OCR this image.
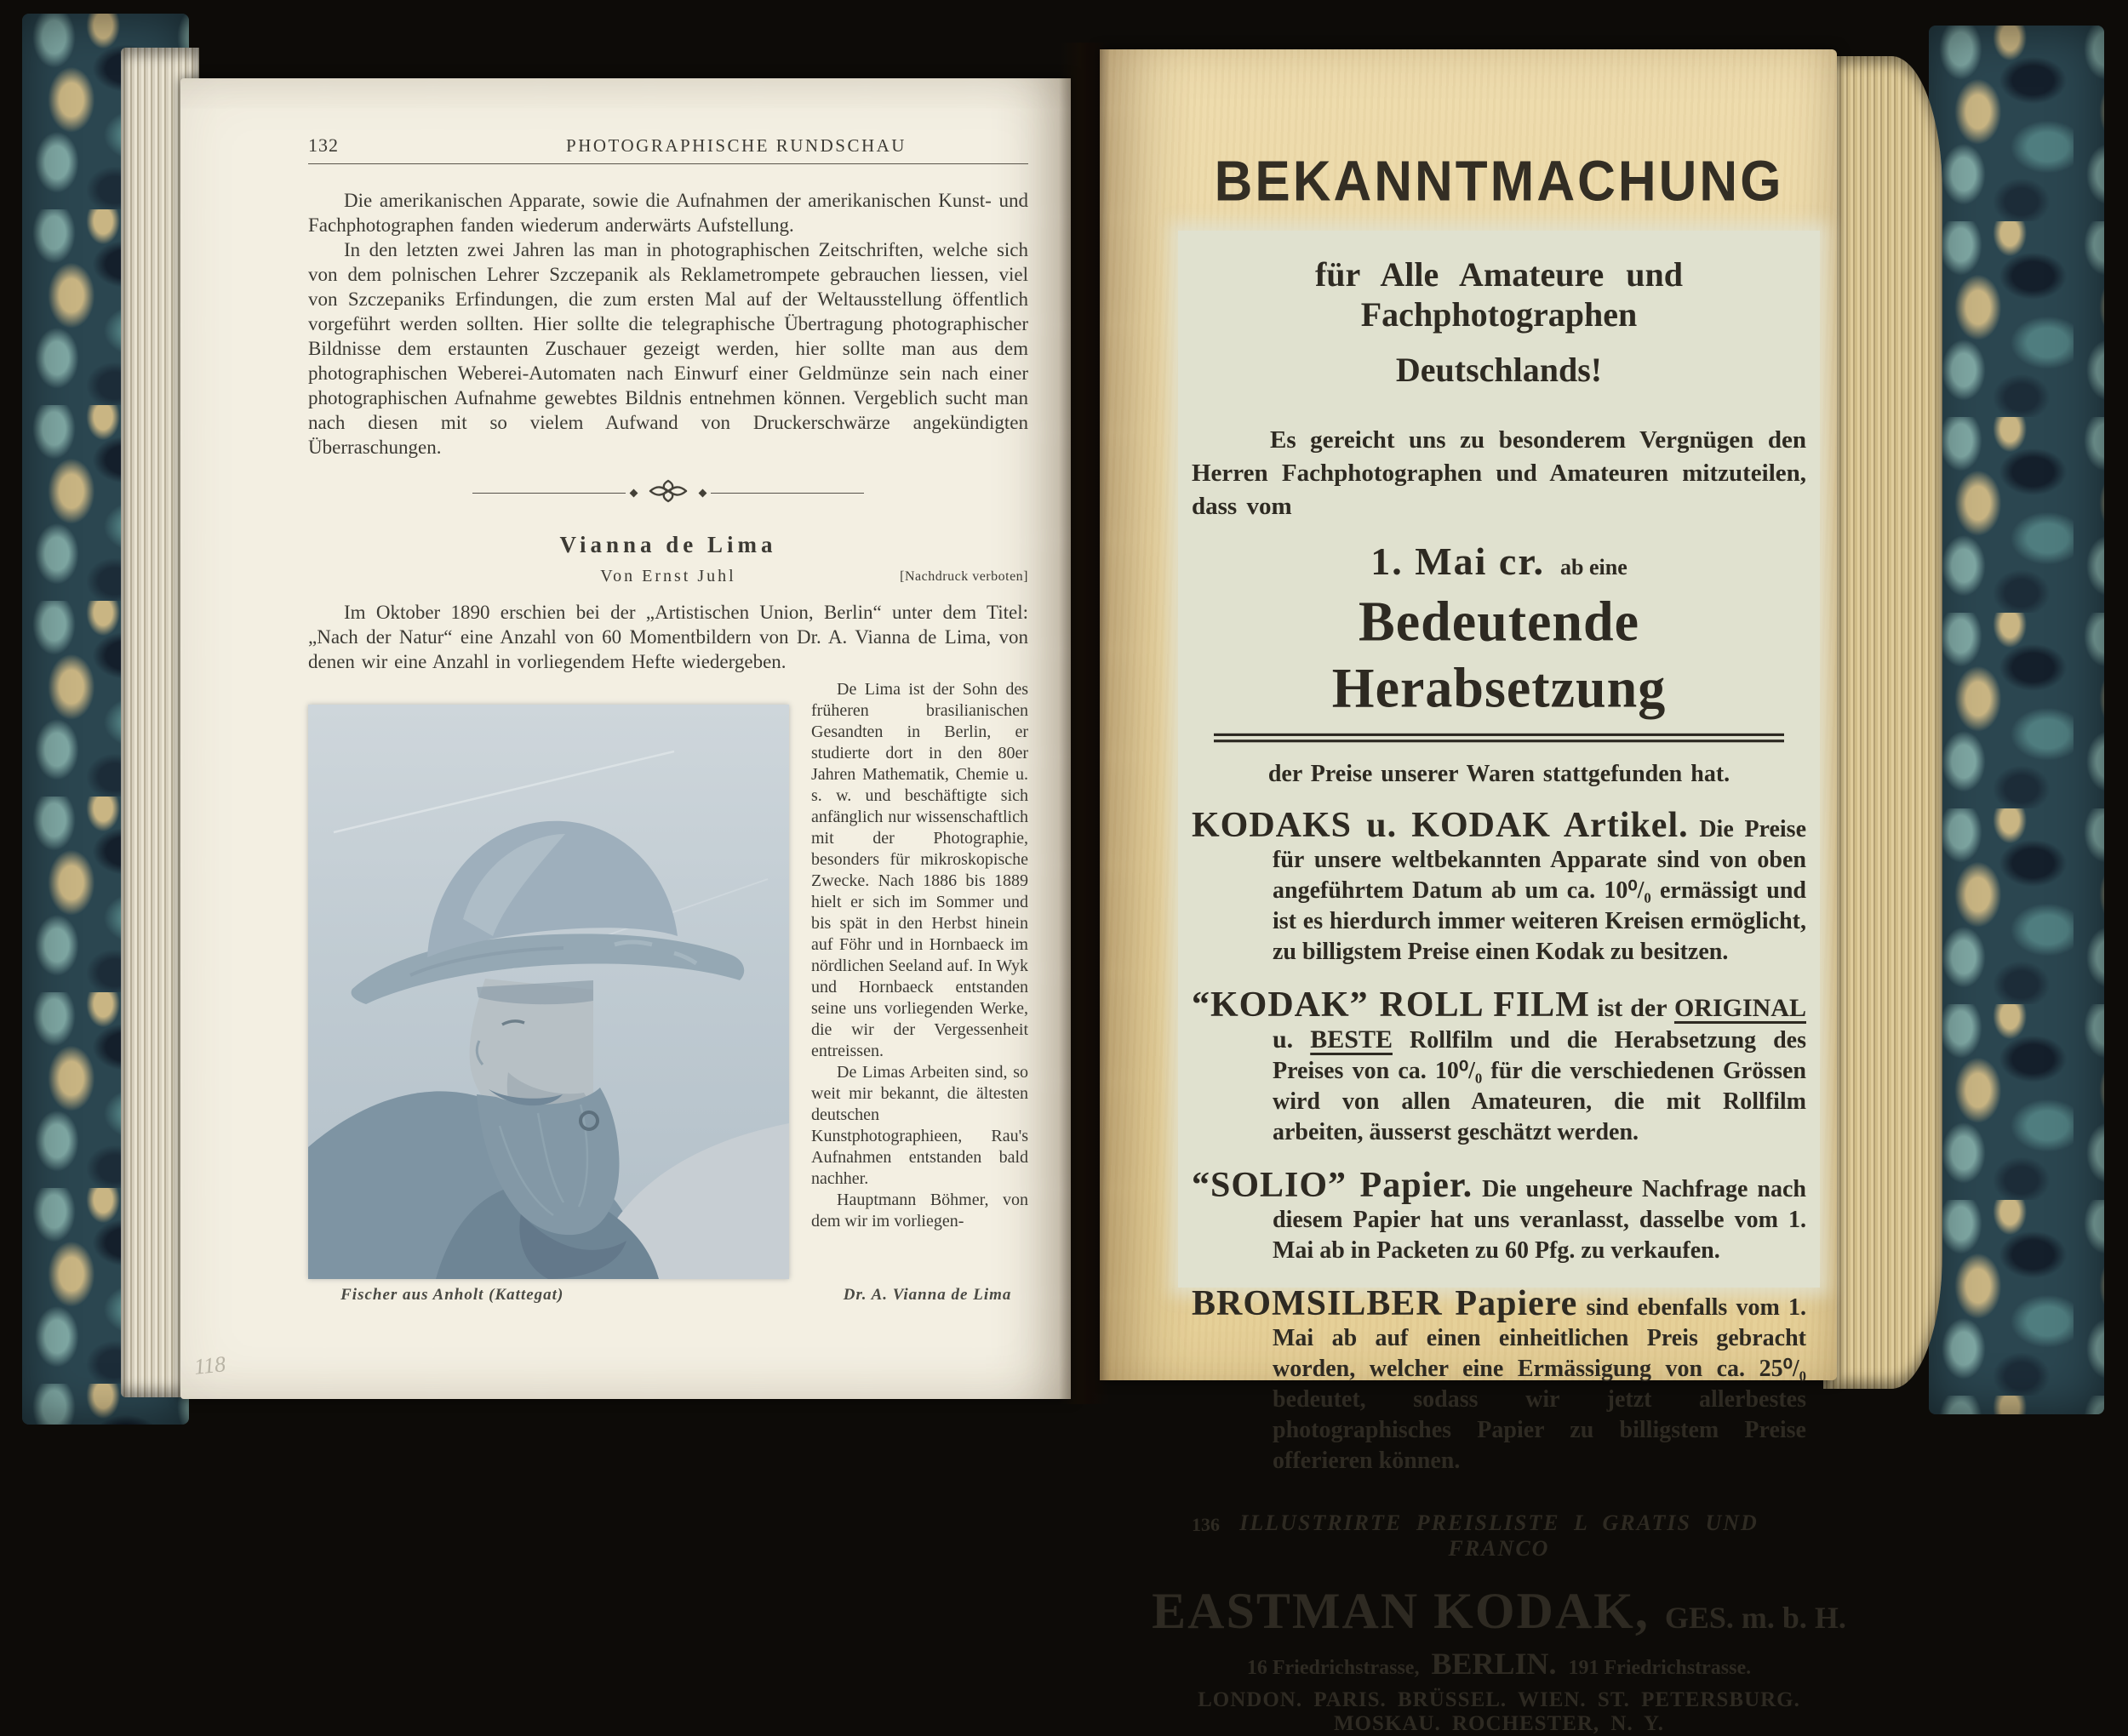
132	PHOTOGRAPHISCHE RUNDSCHAU

Die amerikanischen Apparate, sowie die Aufnahmen der amerikanischen Kunst- und Fachphotographen fanden wiederum anderwärts Aufstellung.

In den letzten zwei Jahren las man in photographischen Zeitschriften, welche sich von dem polnischen Lehrer Szczepanik als Reklametrompete gebrauchen liessen, viel von Szczepaniks Erfindungen, die zum ersten Mal auf der Weltausstellung öffentlich vorgeführt werden sollten. Hier sollte die telegraphische Übertragung photographischer Bildnisse dem erstaunten Zuschauer gezeigt werden, hier sollte man aus dem photographischen Weberei-Automaten nach Einwurf einer Geldmünze sein nach einer photographischen Aufnahme gewebtes Bildnis entnehmen können. Vergeblich sucht man nach diesen mit so vielem Aufwand von Druckerschwärze angekündigten Überraschungen.

Vianna de Lima
Von Ernst Juhl	[Nachdruck verboten]

Im Oktober 1890 erschien bei der „Artistischen Union, Berlin“ unter dem Titel: „Nach der Natur“ eine Anzahl von 60 Momentbildern von Dr. A. Vianna de Lima, von denen wir eine Anzahl in vorliegendem Hefte wiedergeben.

De Lima ist der Sohn des früheren brasilianischen Gesandten in Berlin, er studierte dort in den 80er Jahren Mathematik, Chemie u. s. w. und beschäftigte sich anfänglich nur wissenschaftlich mit der Photographie, besonders für mikroskopische Zwecke. Nach 1886 bis 1889 hielt er sich im Sommer und bis spät in den Herbst hinein auf Föhr und in Hornbaeck im nördlichen Seeland auf. In Wyk und Hornbaeck entstanden seine uns vorliegenden Werke, die wir der Vergessenheit entreissen.

De Limas Arbeiten sind, so weit mir bekannt, die ältesten deutschen Kunstphotographieen, Rau's Aufnahmen entstanden bald nachher.

Hauptmann Böhmer, von dem wir im vorliegen-

Fischer aus Anholt (Kattegat)	Dr. A. Vianna de Lima
118
BEKANNTMACHUNG
für Alle Amateure und Fachphotographen
Deutschlands!

Es gereicht uns zu besonderem Vergnügen den Herren Fachphotographen und Amateuren mitzuteilen, dass vom

1. Mai cr. ab eine
Bedeutende Herabsetzung
der Preise unserer Waren stattgefunden hat.

KODAKS u. KODAK Artikel. Die Preise für unsere weltbekannten Apparate sind von oben angeführtem Datum ab um ca. 10⁰/₀ ermässigt und ist es hierdurch immer weiteren Kreisen ermöglicht, zu billigstem Preise einen Kodak zu besitzen.

“KODAK” ROLL FILM ist der ORIGINAL u. BESTE Rollfilm und die Herabsetzung des Preises von ca. 10⁰/₀ für die verschiedenen Grössen wird von allen Amateuren, die mit Rollfilm arbeiten, äusserst geschätzt werden.

“SOLIO” Papier. Die ungeheure Nachfrage nach diesem Papier hat uns veranlasst, dasselbe vom 1. Mai ab in Packeten zu 60 Pfg. zu verkaufen.

BROMSILBER Papiere sind ebenfalls vom 1. Mai ab auf einen einheitlichen Preis gebracht worden, welcher eine Ermässigung von ca. 25⁰/₀ bedeutet, sodass wir jetzt allerbestes photographisches Papier zu billigstem Preise offerieren können.

136 ILLUSTRIRTE PREISLISTE L GRATIS UND FRANCO
EASTMAN KODAK, GES. m. b. H.
16 Friedrichstrasse, BERLIN. 191 Friedrichstrasse.
LONDON. PARIS. BRÜSSEL. WIEN. ST. PETERSBURG. MOSKAU. ROCHESTER, N. Y.
